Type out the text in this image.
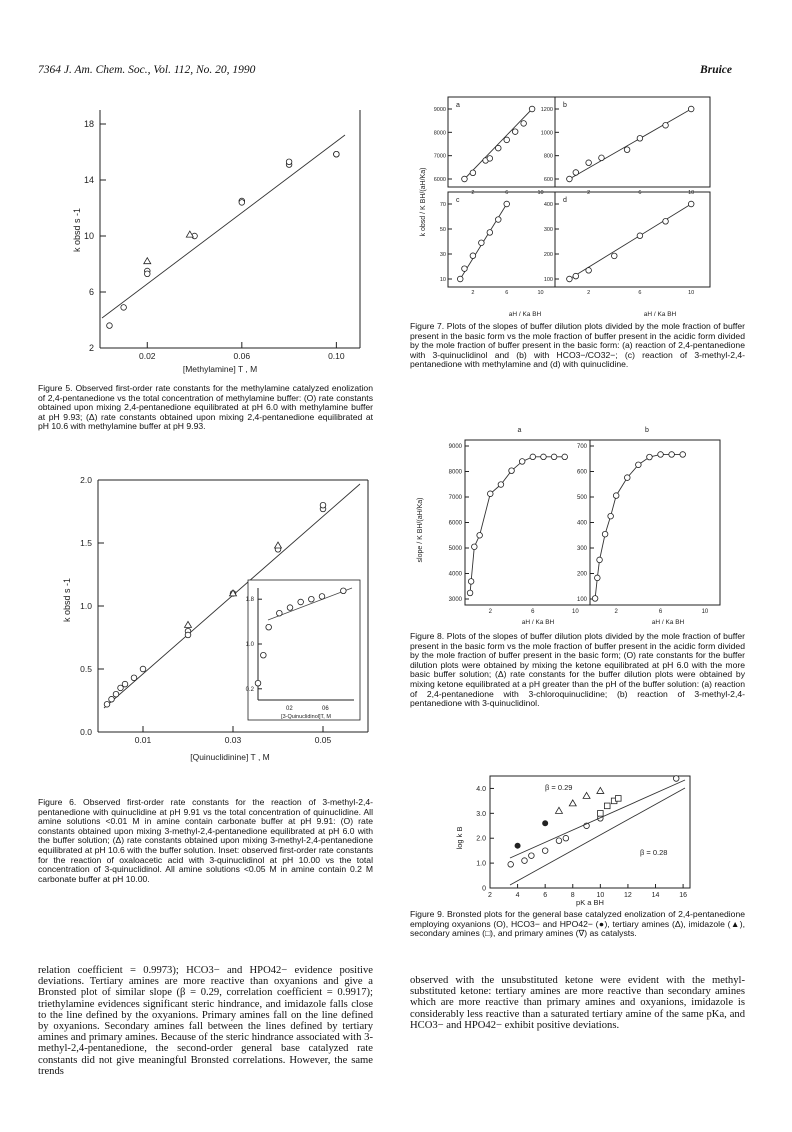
7364 J. Am. Chem. Soc., Vol. 112, No. 20, 1990	Bruice
2
6
10
14
18
0.02	0.06	0.10
k obsd s -1
[Methylamine] T , M
Figure 5. Observed first-order rate constants for the methylamine catalyzed enolization of 2,4-pentanedione vs the total concentration of methylamine buffer: (O) rate constants obtained upon mixing 2,4-pentanedione equilibrated at pH 6.0 with methylamine buffer at pH 9.93; (Δ) rate constants obtained upon mixing 2,4-pentanedione equilibrated at pH 10.6 with methylamine buffer at pH 9.93.
0.0
0.5
1.0
1.5
2.0
0.01	0.03	0.05
0.2
1.0
1.8
02	06
[3-Quinuclidinol]T, M
k obsd s -1
[Quinuclidinine] T , M
Figure 6. Observed first-order rate constants for the reaction of 3-methyl-2,4-pentanedione with quinuclidine at pH 9.91 vs the total concentration of quinuclidine. All amine solutions <0.01 M in amine contain carbonate buffer at pH 9.91: (O) rate constants obtained upon mixing 3-methyl-2,4-pentanedione equilibrated at pH 6.0 with the buffer solution; (Δ) rate constants obtained upon mixing 3-methyl-2,4-pentanedione equilibrated at pH 10.6 with the buffer solution. Inset: observed first-order rate constants for the reaction of oxaloacetic acid with 3-quinuclidinol at pH 10.00 vs the total concentration of 3-quinuclidinol. All amine solutions <0.05 M in amine contain 0.2 M carbonate buffer at pH 10.00.
relation coefficient = 0.9973); HCO3− and HPO42− evidence positive deviations. Tertiary amines are more reactive than oxyanions and give a Bronsted plot of similar slope (β = 0.29, correlation coefficient = 0.9917); triethylamine evidences significant steric hindrance, and imidazole falls close to the line defined by the oxyanions. Primary amines fall on the line defined by oxyanions. Secondary amines fall between the lines defined by tertiary amines and primary amines. Because of the steric hindrance associated with 3-methyl-2,4-pentanedione, the second-order general base catalyzed rate constants did not give meaningful Bronsted correlations. However, the same trends
a
6000
7000
8000
9000
2	6	10
b
600
800
1000
1200
2	6	10
c
10
30
50
70
2	6	10
d
100
200
300
400
2	6	10
k obsd / K BH/(aH/Ka)
aH / Ka BH	aH / Ka BH
Figure 7. Plots of the slopes of buffer dilution plots divided by the mole fraction of buffer present in the basic form vs the mole fraction of buffer present in the acidic form divided by the mole fraction of buffer present in the basic form: (a) reaction of 2,4-pentanedione with 3-quinuclidinol and (b) with HCO3−/CO32−; (c) reaction of 3-methyl-2,4-pentanedione with methylamine and (d) with quinuclidine.
a
3000
4000
5000
6000
7000
8000
9000
2	6	10
b
100
200
300
400
500
600
700
2	6	10
slope / K BH/(aH/Ka)
aH / Ka BH	aH / Ka BH
Figure 8. Plots of the slopes of buffer dilution plots divided by the mole fraction of buffer present in the basic form vs the mole fraction of buffer present in the acidic form divided by the mole fraction of buffer present in the basic form; (O) rate constants for the buffer dilution plots were obtained by mixing the ketone equilibrated at pH 6.0 with the more basic buffer solution; (Δ) rate constants for the buffer dilution plots were obtained by mixing ketone equilibrated at a pH greater than the pH of the buffer solution: (a) reaction of 2,4-pentanedione with 3-chloroquinuclidine; (b) reaction of 3-methyl-2,4-pentanedione with 3-quinuclidinol.
0
1.0
2.0
3.0
4.0
2	4	6	8	10	12	14	16
β = 0.29
β = 0.28
log k B
pK a BH
Figure 9. Bronsted plots for the general base catalyzed enolization of 2,4-pentanedione employing oxyanions (O), HCO3− and HPO42− (●), tertiary amines (Δ), imidazole (▲), secondary amines (□), and primary amines (∇) as catalysts.
observed with the unsubstituted ketone were evident with the methyl-substituted ketone: tertiary amines are more reactive than secondary amines which are more reactive than primary amines and oxyanions, imidazole is considerably less reactive than a saturated tertiary amine of the same pKa, and HCO3− and HPO42− exhibit positive deviations.
